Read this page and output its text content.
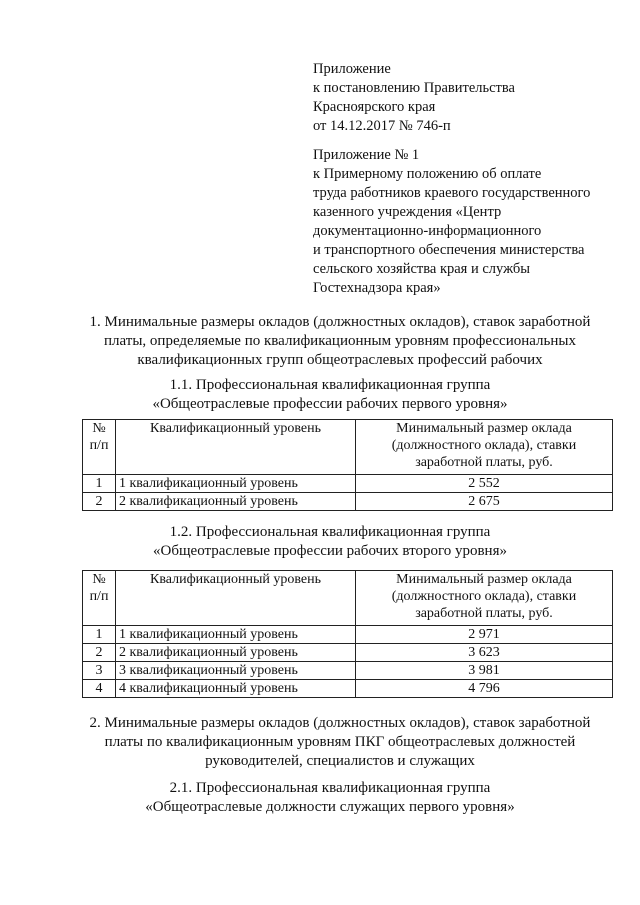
Приложение
к постановлению Правительства
Красноярского края
от 14.12.2017 № 746-п
Приложение № 1
к Примерному положению об оплате
труда работников краевого государственного
казенного учреждения «Центр
документационно-информационного
и транспортного обеспечения министерства
сельского хозяйства края и службы
Гостехнадзора края»
1. Минимальные размеры окладов (должностных окладов), ставок заработной
платы, определяемые по квалификационным уровням профессиональных
квалификационных групп общеотраслевых профессий рабочих
1.1. Профессиональная квалификационная группа
«Общеотраслевые профессии рабочих первого уровня»
№ п/п	Квалификационный уровень	Минимальный размер оклада (должностного оклада), ставки заработной платы, руб.
1	1 квалификационный уровень	2 552
2	2 квалификационный уровень	2 675
1.2. Профессиональная квалификационная группа
«Общеотраслевые профессии рабочих второго уровня»
№ п/п	Квалификационный уровень	Минимальный размер оклада (должностного оклада), ставки заработной платы, руб.
1	1 квалификационный уровень	2 971
2	2 квалификационный уровень	3 623
3	3 квалификационный уровень	3 981
4	4 квалификационный уровень	4 796
2. Минимальные размеры окладов (должностных окладов), ставок заработной
платы по квалификационным уровням ПКГ общеотраслевых должностей
руководителей, специалистов и служащих
2.1. Профессиональная квалификационная группа
«Общеотраслевые должности служащих первого уровня»
